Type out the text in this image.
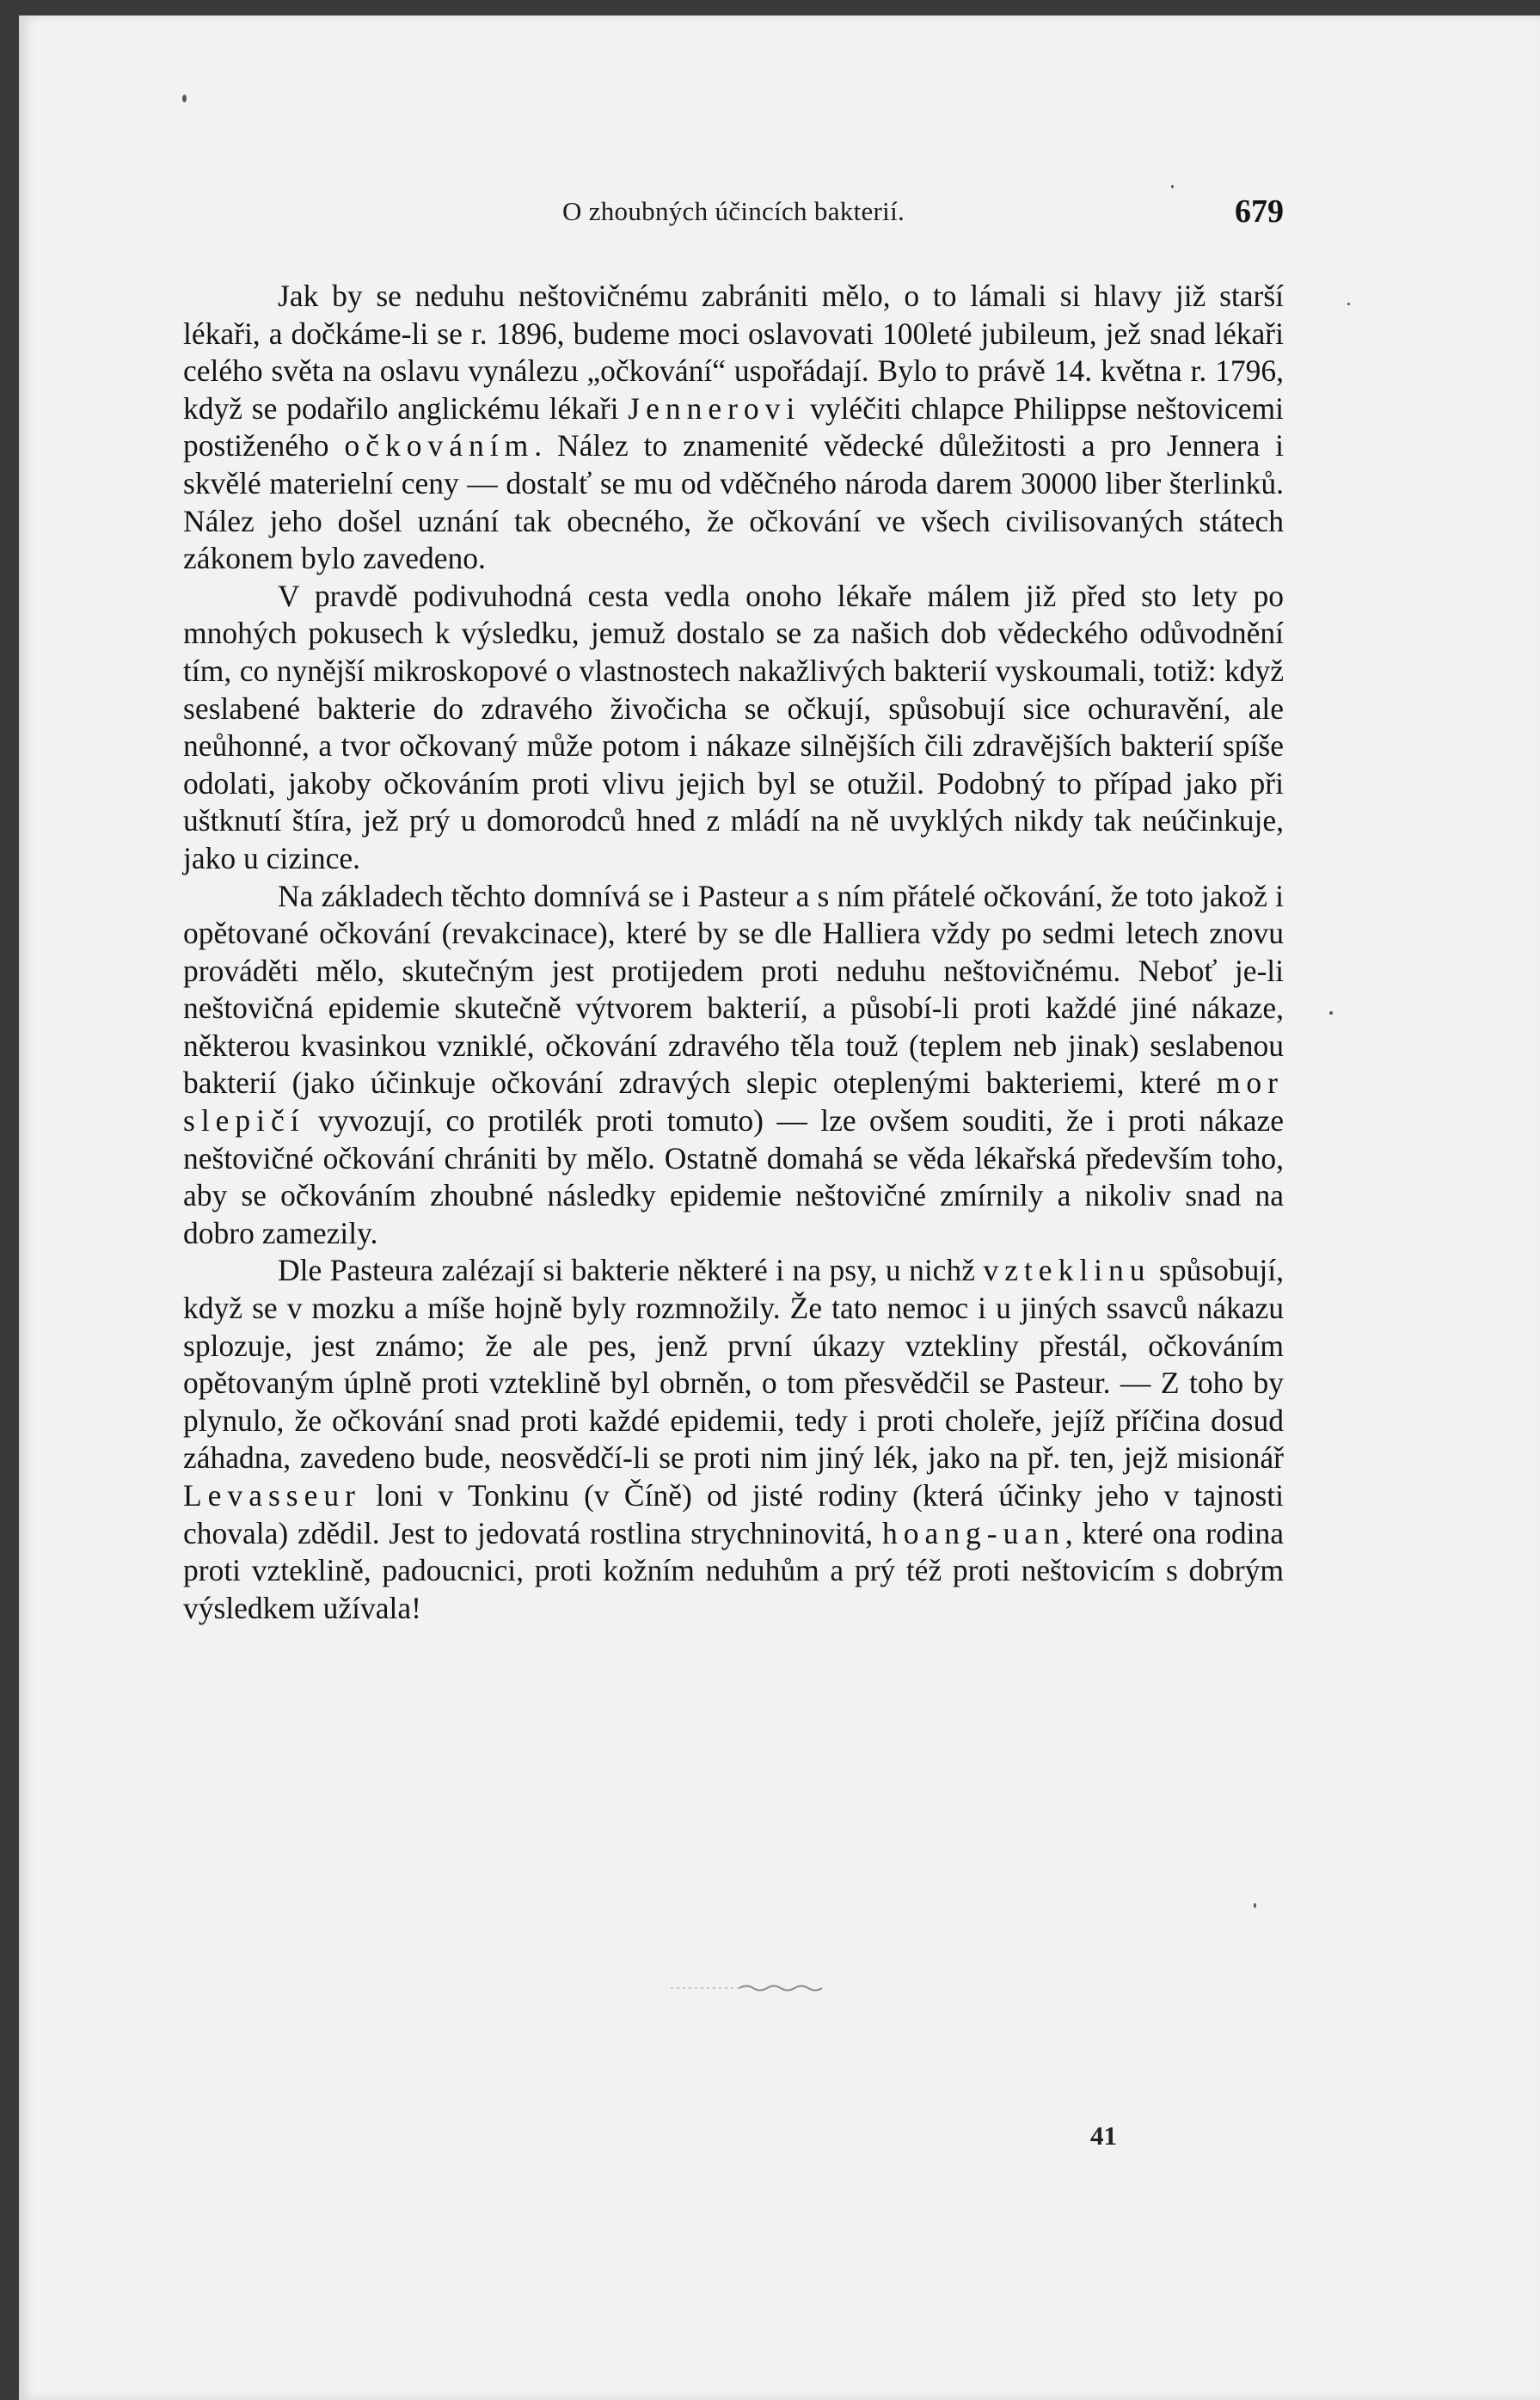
O zhoubných účincích bakterií.	679

Jak by se neduhu neštovičnému zabrániti mělo, o to lámali si hlavy již starší lékaři, a dočkáme-li se r. 1896, budeme moci oslavovati 100leté jubileum, jež snad lékaři celého světa na oslavu vynálezu „očkování“ uspořádají. Bylo to právě 14. května r. 1796, když se podařilo anglickému lékaři Jennerovi vyléčiti chlapce Philippse neštovicemi postiženého očkováním. Nález to znamenité vědecké důležitosti a pro Jennera i skvělé materielní ceny — dostalť se mu od vděčného národa darem 30000 liber šterlinků. Nález jeho došel uznání tak obecného, že očkování ve všech civilisovaných státech zákonem bylo zavedeno.

V pravdě podivuhodná cesta vedla onoho lékaře málem již před sto lety po mnohých pokusech k výsledku, jemuž dostalo se za našich dob vědeckého odůvodnění tím, co nynější mikroskopové o vlastnostech nakažlivých bakterií vyskoumali, totiž: když seslabené bakterie do zdravého živočicha se očkují, spůsobují sice ochuravění, ale neůhonné, a tvor očkovaný může potom i nákaze silnějších čili zdravějších bakterií spíše odolati, jakoby očkováním proti vlivu jejich byl se otužil. Podobný to případ jako při uštknutí štíra, jež prý u domorodců hned z mládí na ně uvyklých nikdy tak neúčinkuje, jako u cizince.

Na základech těchto domnívá se i Pasteur a s ním přátelé očkování, že toto jakož i opětované očkování (revakcinace), které by se dle Halliera vždy po sedmi letech znovu prováděti mělo, skutečným jest protijedem proti neduhu neštovičnému. Neboť je-li neštovičná epidemie skutečně výtvorem bakterií, a působí-li proti každé jiné nákaze, některou kvasinkou vzniklé, očkování zdravého těla touž (teplem neb jinak) seslabenou bakterií (jako účinkuje očkování zdravých slepic oteplenými bakteriemi, které mor slepičí vyvozují, co protilék proti tomuto) — lze ovšem souditi, že i proti nákaze neštovičné očkování chrániti by mělo. Ostatně domahá se věda lékařská především toho, aby se očkováním zhoubné následky epidemie neštovičné zmírnily a nikoliv snad na dobro zamezily.

Dle Pasteura zalézají si bakterie některé i na psy, u nichž vzteklinu spůsobují, když se v mozku a míše hojně byly rozmnožily. Že tato nemoc i u jiných ssavců nákazu splozuje, jest známo; že ale pes, jenž první úkazy vztekliny přestál, očkováním opětovaným úplně proti vzteklině byl obrněn, o tom přesvědčil se Pasteur. — Z toho by plynulo, že očkování snad proti každé epidemii, tedy i proti choleře, jejíž příčina dosud záhadna, zavedeno bude, neosvědčí-li se proti nim jiný lék, jako na př. ten, jejž misionář Levasseur loni v Tonkinu (v Číně) od jisté rodiny (která účinky jeho v tajnosti chovala) zdědil. Jest to jedovatá rostlina strychninovitá, hoang-uan, které ona rodina proti vzteklině, padoucnici, proti kožním neduhům a prý též proti neštovicím s dobrým výsledkem užívala!

41
